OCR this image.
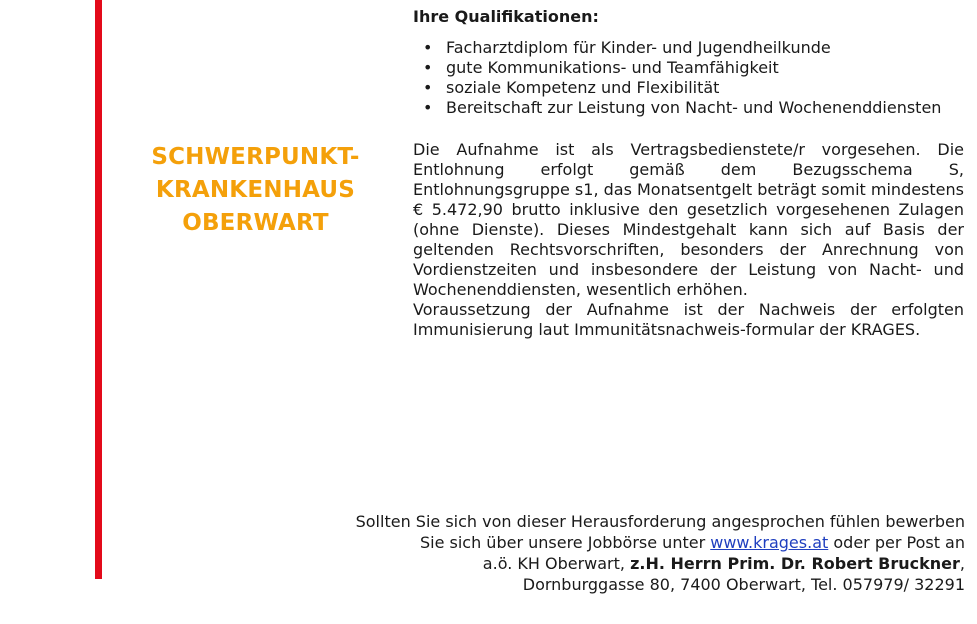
SCHWERPUNKT-
KRANKENHAUS
OBERWART
Ihre Qualifikationen:
• Facharztdiplom für Kinder- und Jugendheilkunde
• gute Kommunikations- und Teamfähigkeit
• soziale Kompetenz und Flexibilität
• Bereitschaft zur Leistung von Nacht- und Wochenenddiensten

Die Aufnahme ist als Vertragsbedienstete/r vorgesehen. Die Entlohnung erfolgt gemäß dem Bezugsschema S, Entlohnungsgruppe s1, das Monatsentgelt beträgt somit mindestens € 5.472,90 brutto inklusive den gesetzlich vorgesehenen Zulagen (ohne Dienste). Dieses Mindestgehalt kann sich auf Basis der geltenden Rechtsvorschriften, besonders der Anrechnung von Vordienstzeiten und insbesondere der Leistung von Nacht- und Wochenenddiensten, wesentlich erhöhen.

Voraussetzung der Aufnahme ist der Nachweis der erfolgten Immunisierung laut Immunitätsnachweis-formular der KRAGES.

Sollten Sie sich von dieser Herausforderung angesprochen fühlen bewerben
Sie sich über unsere Jobbörse unter www.krages.at oder per Post an
a.ö. KH Oberwart, z.H. Herrn Prim. Dr. Robert Bruckner,
Dornburggasse 80, 7400 Oberwart, Tel. 057979/ 32291
